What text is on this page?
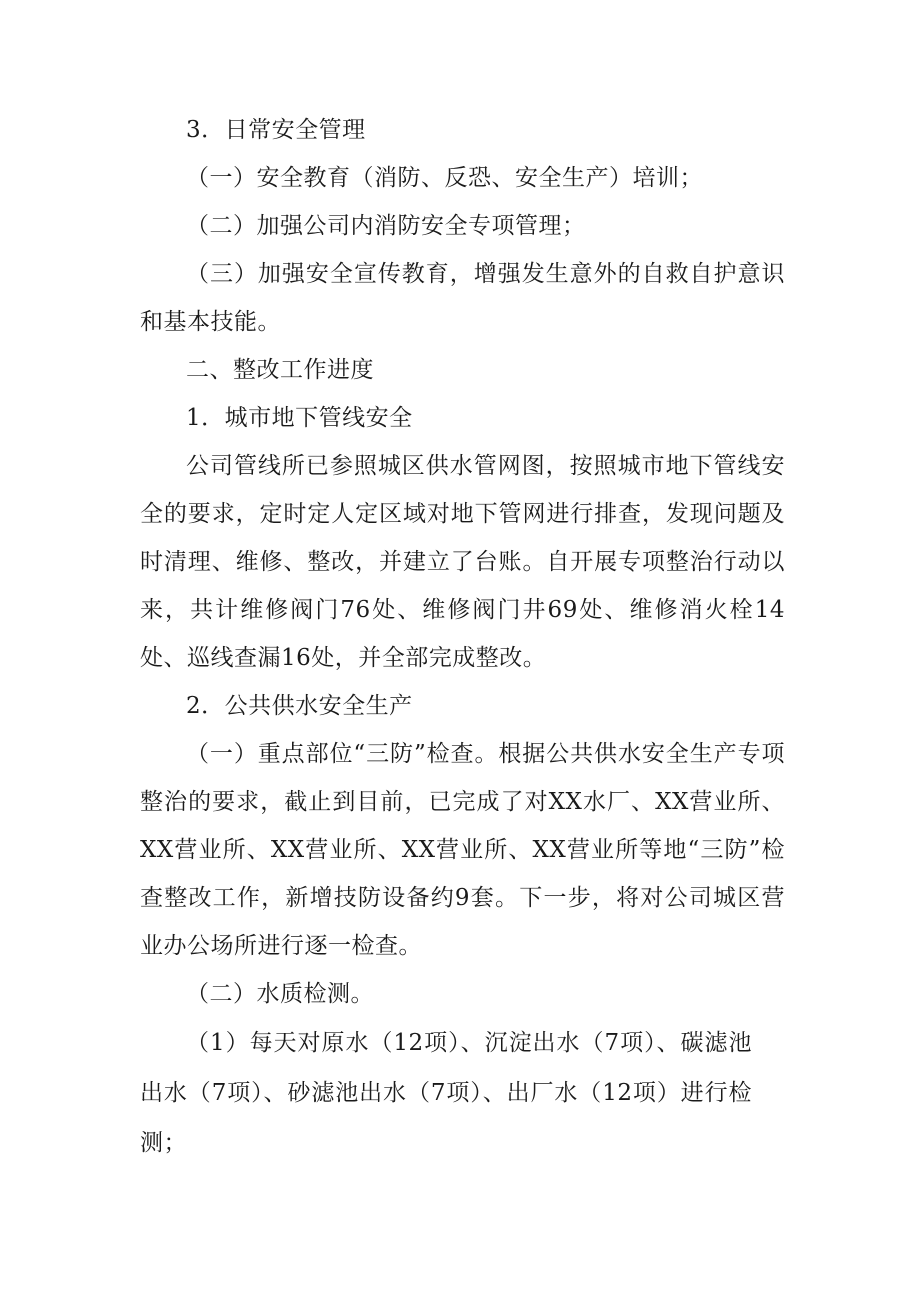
3．日常安全管理

（一）安全教育（消防、反恐、安全生产）培训；

（二）加强公司内消防安全专项管理；

（三）加强安全宣传教育，增强发生意外的自救自护意识和基本技能。

二、整改工作进度

1．城市地下管线安全

公司管线所已参照城区供水管网图，按照城市地下管线安全的要求，定时定人定区域对地下管网进行排查，发现问题及时清理、维修、整改，并建立了台账。自开展专项整治行动以来，共计维修阀门76处、维修阀门井69处、维修消火栓14处、巡线查漏16处，并全部完成整改。

2．公共供水安全生产

（一）重点部位“三防”检查。根据公共供水安全生产专项整治的要求，截止到目前，已完成了对XX水厂、XX营业所、XX营业所、XX营业所、XX营业所、XX营业所等地“三防”检查整改工作，新增技防设备约9套。下一步，将对公司城区营业办公场所进行逐一检查。

（二）水质检测。

（1）每天对原水（12项）、沉淀出水（7项）、碳滤池出水（7项）、砂滤池出水（7项）、出厂水（12项）进行检测；
